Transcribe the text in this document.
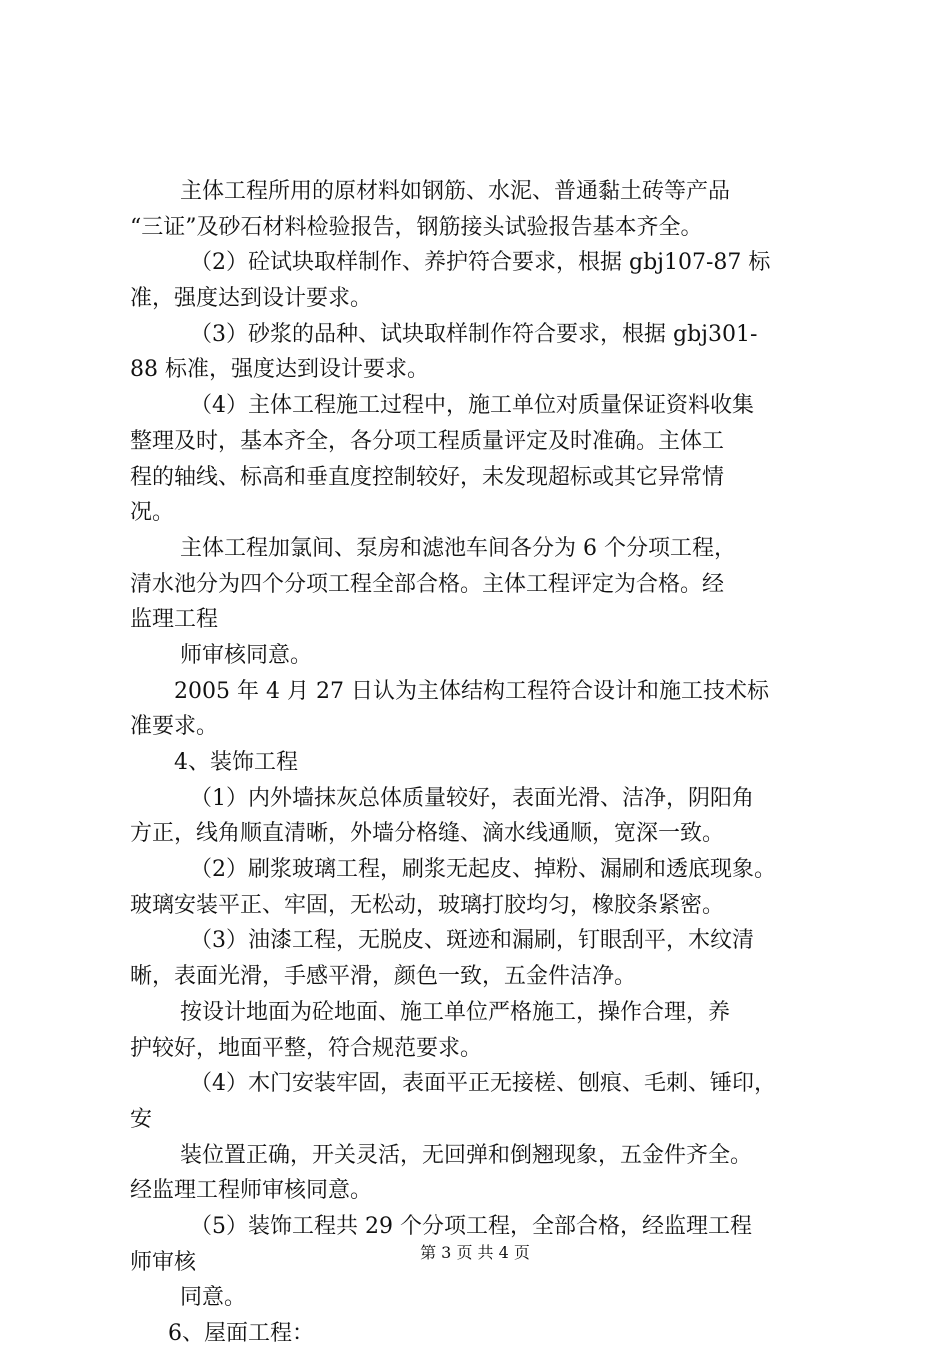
主体工程所用的原材料如钢筋、水泥、普通黏土砖等产品
“三证”及砂石材料检验报告，钢筋接头试验报告基本齐全。
（2）砼试块取样制作、养护符合要求，根据 gbj107-87 标
准，强度达到设计要求。
（3）砂浆的品种、试块取样制作符合要求，根据 gbj301-
88 标准，强度达到设计要求。
（4）主体工程施工过程中，施工单位对质量保证资料收集
整理及时，基本齐全，各分项工程质量评定及时准确。主体工
程的轴线、标高和垂直度控制较好，未发现超标或其它异常情
况。
主体工程加氯间、泵房和滤池车间各分为 6 个分项工程，
清水池分为四个分项工程全部合格。主体工程评定为合格。经
监理工程
师审核同意。
2005 年 4 月 27 日认为主体结构工程符合设计和施工技术标
准要求。
4、装饰工程
（1）内外墙抹灰总体质量较好，表面光滑、洁净，阴阳角
方正，线角顺直清晰，外墙分格缝、滴水线通顺，宽深一致。
（2）刷浆玻璃工程，刷浆无起皮、掉粉、漏刷和透底现象。
玻璃安装平正、牢固，无松动，玻璃打胶均匀，橡胶条紧密。
（3）油漆工程，无脱皮、斑迹和漏刷，钉眼刮平，木纹清
晰，表面光滑，手感平滑，颜色一致，五金件洁净。
按设计地面为砼地面、施工单位严格施工，操作合理，养
护较好，地面平整，符合规范要求。
（4）木门安装牢固，表面平正无接槎、刨痕、毛刺、锤印，
安
装位置正确，开关灵活，无回弹和倒翘现象，五金件齐全。
经监理工程师审核同意。
（5）装饰工程共 29 个分项工程，全部合格，经监理工程
师审核
同意。
6、屋面工程：
第 3 页 共 4 页
